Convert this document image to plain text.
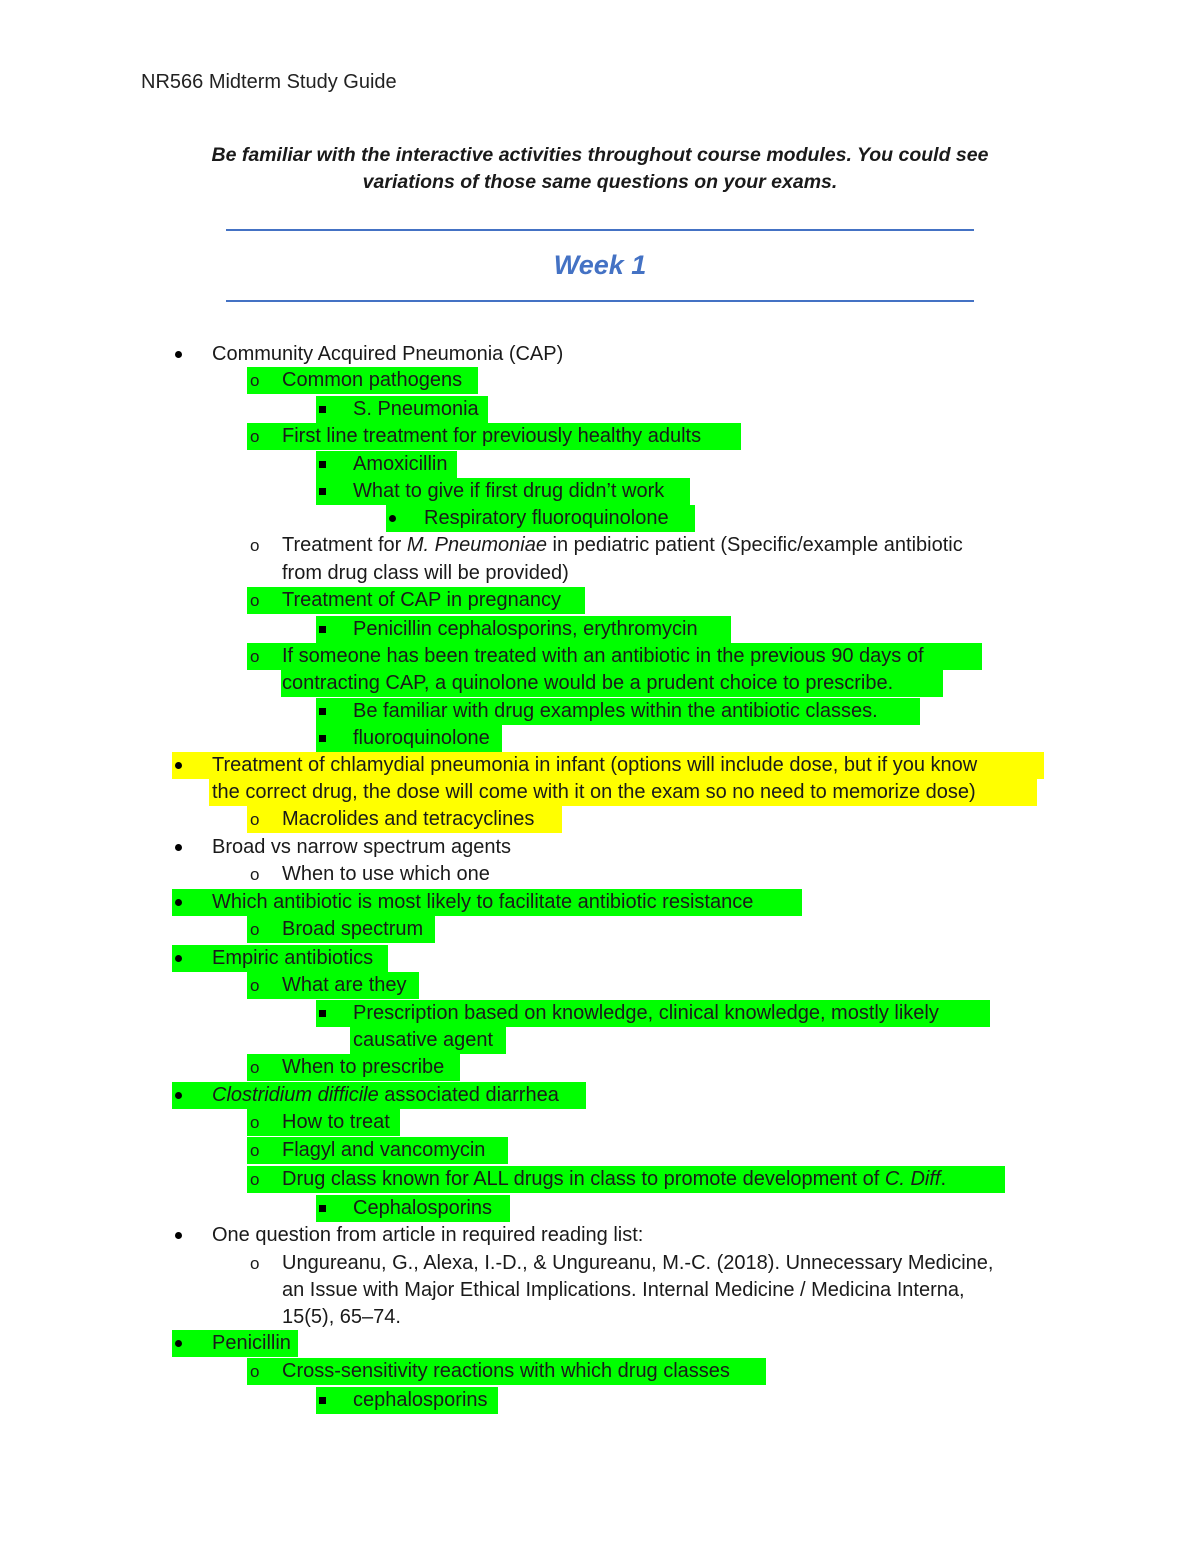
NR566 Midterm Study Guide
Be familiar with the interactive activities throughout course modules. You could see
variations of those same questions on your exams.
Week 1
Community Acquired Pneumonia (CAP)
o Common pathogens
S. Pneumonia
o First line treatment for previously healthy adults
Amoxicillin
What to give if first drug didn’t work
Respiratory fluoroquinolone
o Treatment for M. Pneumoniae in pediatric patient (Specific/example antibiotic
from drug class will be provided)
o Treatment of CAP in pregnancy
Penicillin cephalosporins, erythromycin
o If someone has been treated with an antibiotic in the previous 90 days of
contracting CAP, a quinolone would be a prudent choice to prescribe.
Be familiar with drug examples within the antibiotic classes.
fluoroquinolone
Treatment of chlamydial pneumonia in infant (options will include dose, but if you know
the correct drug, the dose will come with it on the exam so no need to memorize dose)
o Macrolides and tetracyclines
Broad vs narrow spectrum agents
o When to use which one
Which antibiotic is most likely to facilitate antibiotic resistance
o Broad spectrum
Empiric antibiotics
o What are they
Prescription based on knowledge, clinical knowledge, mostly likely
causative agent
o When to prescribe
Clostridium difficile associated diarrhea
o How to treat
o Flagyl and vancomycin
o Drug class known for ALL drugs in class to promote development of C. Diff.
Cephalosporins
One question from article in required reading list:
o Ungureanu, G., Alexa, I.-D., & Ungureanu, M.-C. (2018). Unnecessary Medicine,
an Issue with Major Ethical Implications. Internal Medicine / Medicina Interna,
15(5), 65–74.
Penicillin
o Cross-sensitivity reactions with which drug classes
cephalosporins
